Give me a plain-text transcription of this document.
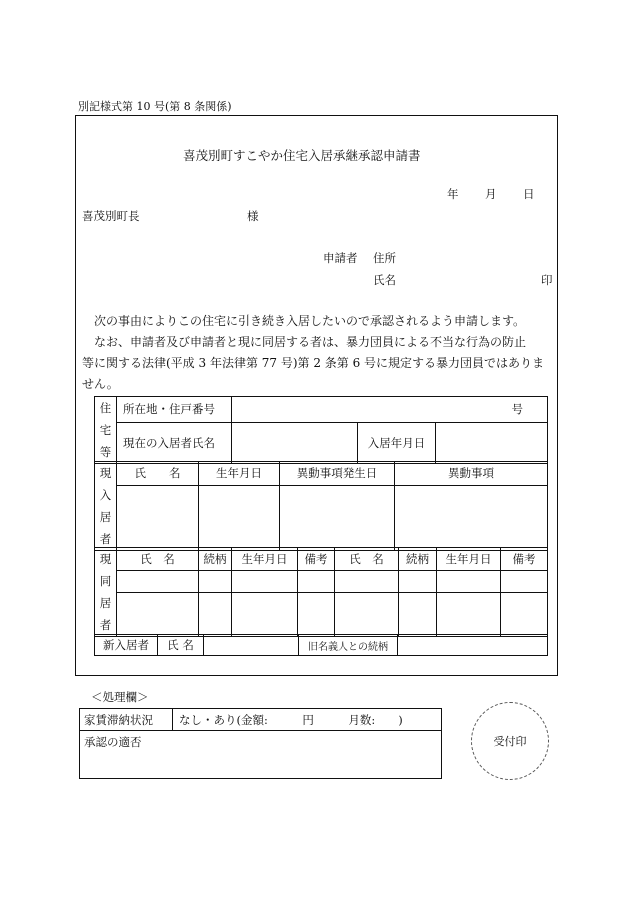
別記様式第 10 号(第 8 条関係)
喜茂別町すこやか住宅入居承継承認申請書
年 月 日
喜茂別町長	様
申請者 住所
氏名	印
次の事由によりこの住宅に引き続き入居したいので承認されるよう申請します。
なお、申請者及び申請者と現に同居する者は、暴力団員による不当な行為の防止
等に関する法律(平成 3 年法律第 77 号)第 2 条第 6 号に規定する暴力団員ではありま
せん。
住
宅
等	所在地・住戸番号	号		
	現在の入居者氏名		入居年月日	
現
入
居
者	氏　　名	生年月日	異動事項発生日	異動事項

現
同
居
者	氏　名	続柄	生年月日	備考	氏　名	続柄	生年月日	備考

新入居者	氏 名		旧名義人との続柄	
＜処理欄＞
家賃滞納状況	なし・あり(金額:　　　円　　　月数:　　)
承認の適否	受付印
